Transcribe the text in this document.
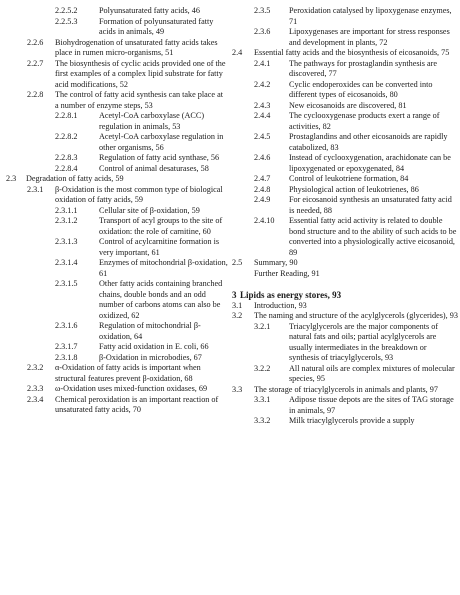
2.2.5.2	Polyunsaturated fatty acids, 46
2.2.5.3	Formation of polyunsaturated fatty acids in animals, 49
2.2.6 Biohydrogenation of unsaturated fatty acids takes place in rumen micro-organisms, 51
2.2.7 The biosynthesis of cyclic acids provided one of the first examples of a complex lipid substrate for fatty acid modifications, 52
2.2.8 The control of fatty acid synthesis can take place at a number of enzyme steps, 53
2.2.8.1	Acetyl-CoA carboxylase (ACC) regulation in animals, 53
2.2.8.2	Acetyl-CoA carboxylase regulation in other organisms, 56
2.2.8.3	Regulation of fatty acid synthase, 56
2.2.8.4	Control of animal desaturases, 58
2.3 Degradation of fatty acids, 59
2.3.1 β-Oxidation is the most common type of biological oxidation of fatty acids, 59
2.3.1.1	Cellular site of β-oxidation, 59
2.3.1.2	Transport of acyl groups to the site of oxidation: the role of carnitine, 60
2.3.1.3	Control of acylcarnitine formation is very important, 61
2.3.1.4	Enzymes of mitochondrial β-oxidation, 61
2.3.1.5	Other fatty acids containing branched chains, double bonds and an odd number of carbons atoms can also be oxidized, 62
2.3.1.6	Regulation of mitochondrial β-oxidation, 64
2.3.1.7	Fatty acid oxidation in E. coli, 66
2.3.1.8	β-Oxidation in microbodies, 67
2.3.2 α-Oxidation of fatty acids is important when structural features prevent β-oxidation, 68
2.3.3 ω-Oxidation uses mixed-function oxidases, 69
2.3.4 Chemical peroxidation is an important reaction of unsaturated fatty acids, 70
2.3.5 Peroxidation catalysed by lipoxygenase enzymes, 71
2.3.6 Lipoxygenases are important for stress responses and development in plants, 72
2.4 Essential fatty acids and the biosynthesis of eicosanoids, 75
2.4.1 The pathways for prostaglandin synthesis are discovered, 77
2.4.2 Cyclic endoperoxides can be converted into different types of eicosanoids, 80
2.4.3 New eicosanoids are discovered, 81
2.4.4 The cyclooxygenase products exert a range of activities, 82
2.4.5 Prostaglandins and other eicosanoids are rapidly catabolized, 83
2.4.6 Instead of cyclooxygenation, arachidonate can be lipoxygenated or epoxygenated, 84
2.4.7 Control of leukotriene formation, 84
2.4.8 Physiological action of leukotrienes, 86
2.4.9 For eicosanoid synthesis an unsaturated fatty acid is needed, 88
2.4.10 Essential fatty acid activity is related to double bond structure and to the ability of such acids to be converted into a physiologically active eicosanoid, 89
2.5 Summary, 90
Further Reading, 91
3 Lipids as energy stores, 93
3.1 Introduction, 93
3.2 The naming and structure of the acylglycerols (glycerides), 93
3.2.1 Triacylglycerols are the major components of natural fats and oils; partial acylglycerols are usually intermediates in the breakdown or synthesis of triacylglycerols, 93
3.2.2 All natural oils are complex mixtures of molecular species, 95
3.3 The storage of triacylglycerols in animals and plants, 97
3.3.1 Adipose tissue depots are the sites of TAG storage in animals, 97
3.3.2 Milk triacylglycerols provide a supply
